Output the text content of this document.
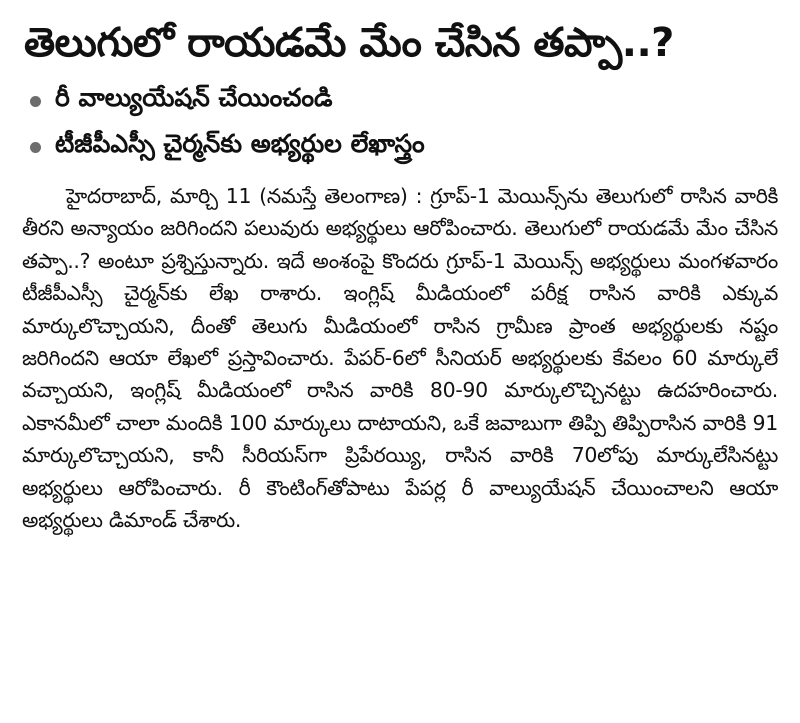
తెలుగులో రాయడమే మేం చేసిన తప్పా..?
రీ వాల్యుయేషన్ చేయించండి
టీజీపీఎస్సీ చైర్మన్‌కు అభ్యర్థుల లేఖాస్త్రం

హైదరాబాద్, మార్చి 11 (నమస్తే తెలంగాణ) : గ్రూప్-1 మెయిన్స్‌ను తెలుగులో రాసిన వారికి తీరని అన్యాయం జరిగిందని పలువురు అభ్యర్థులు ఆరోపించారు. తెలుగులో రాయడమే మేం చేసిన తప్పా..? అంటూ ప్రశ్నిస్తున్నారు. ఇదే అంశంపై కొందరు గ్రూప్-1 మెయిన్స్ అభ్యర్థులు మంగళవారం టీజీపీఎస్సీ చైర్మన్‌కు లేఖ రాశారు. ఇంగ్లిష్ మీడియంలో పరీక్ష రాసిన వారికి ఎక్కువ మార్కులొచ్చాయని, దీంతో తెలుగు మీడియంలో రాసిన గ్రామీణ ప్రాంత అభ్యర్థులకు నష్టం జరిగిందని ఆయా లేఖలో ప్రస్తావించారు. పేపర్-6లో సీనియర్ అభ్యర్థులకు కేవలం 60 మార్కులే వచ్చాయని, ఇంగ్లిష్ మీడియంలో రాసిన వారికి 80-90 మార్కులొచ్చినట్టు ఉదహరించారు. ఎకానమీలో చాలా మందికి 100 మార్కులు దాటాయని, ఒకే జవాబుగా తిప్పి తిప్పిరాసిన వారికి 91 మార్కులొచ్చాయని, కానీ సీరియస్‌గా ప్రిపేరయ్యి, రాసిన వారికి 70లోపు మార్కులేసినట్టు అభ్యర్థులు ఆరోపించారు. రీ కౌంటింగ్‌తోపాటు పేపర్ల రీ వాల్యుయేషన్ చేయించాలని ఆయా అభ్యర్థులు డిమాండ్ చేశారు.
